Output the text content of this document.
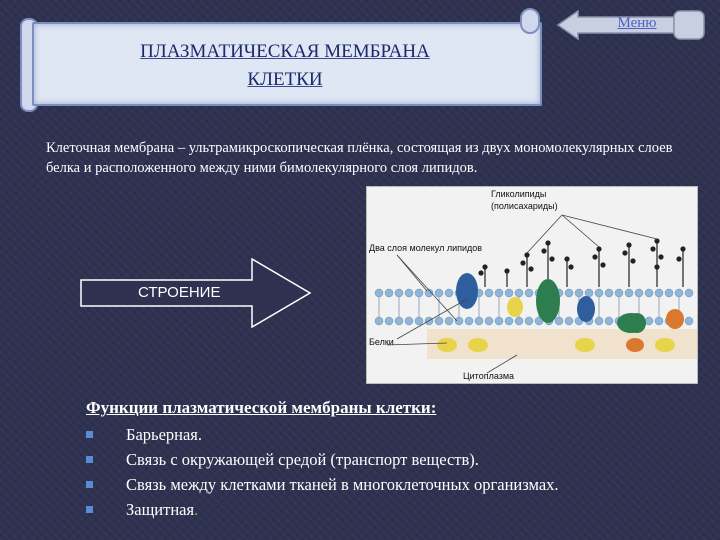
ПЛАЗМАТИЧЕСКАЯ МЕМБРАНА
КЛЕТКИ
Меню
Клеточная мембрана – ультрамикроскопическая плёнка, состоящая из двух мономолекулярных слоев белка и расположенного между ними бимолекулярного слоя липидов.
Гликолипиды
(полисахариды)
Два слоя молекул липидов
Белки
Цитоплазма
СТРОЕНИЕ
Функции плазматической мембраны клетки:
Барьерная.
Связь с окружающей средой (транспорт веществ).
Связь между клетками тканей в многоклеточных организмах.
Защитная.
